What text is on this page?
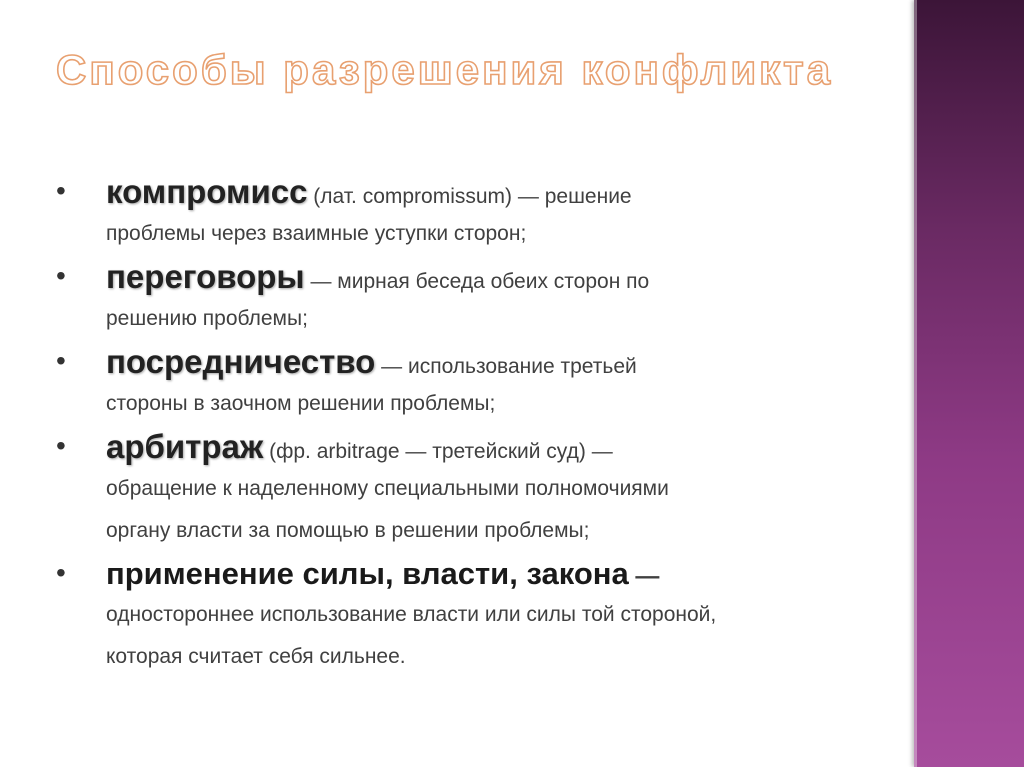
Способы разрешения конфликта
• компромисс (лат. compromissum) — решение
проблемы через взаимные уступки сторон;
• переговоры — мирная беседа обеих сторон по
решению проблемы;
• посредничество — использование третьей
стороны в заочном решении проблемы;
• арбитраж (фр. arbitrage — третейский суд) —
обращение к наделенному специальными полномочиями
органу власти за помощью в решении проблемы;
• применение силы, власти, закона —
одностороннее использование власти или силы той стороной,
которая считает себя сильнее.
